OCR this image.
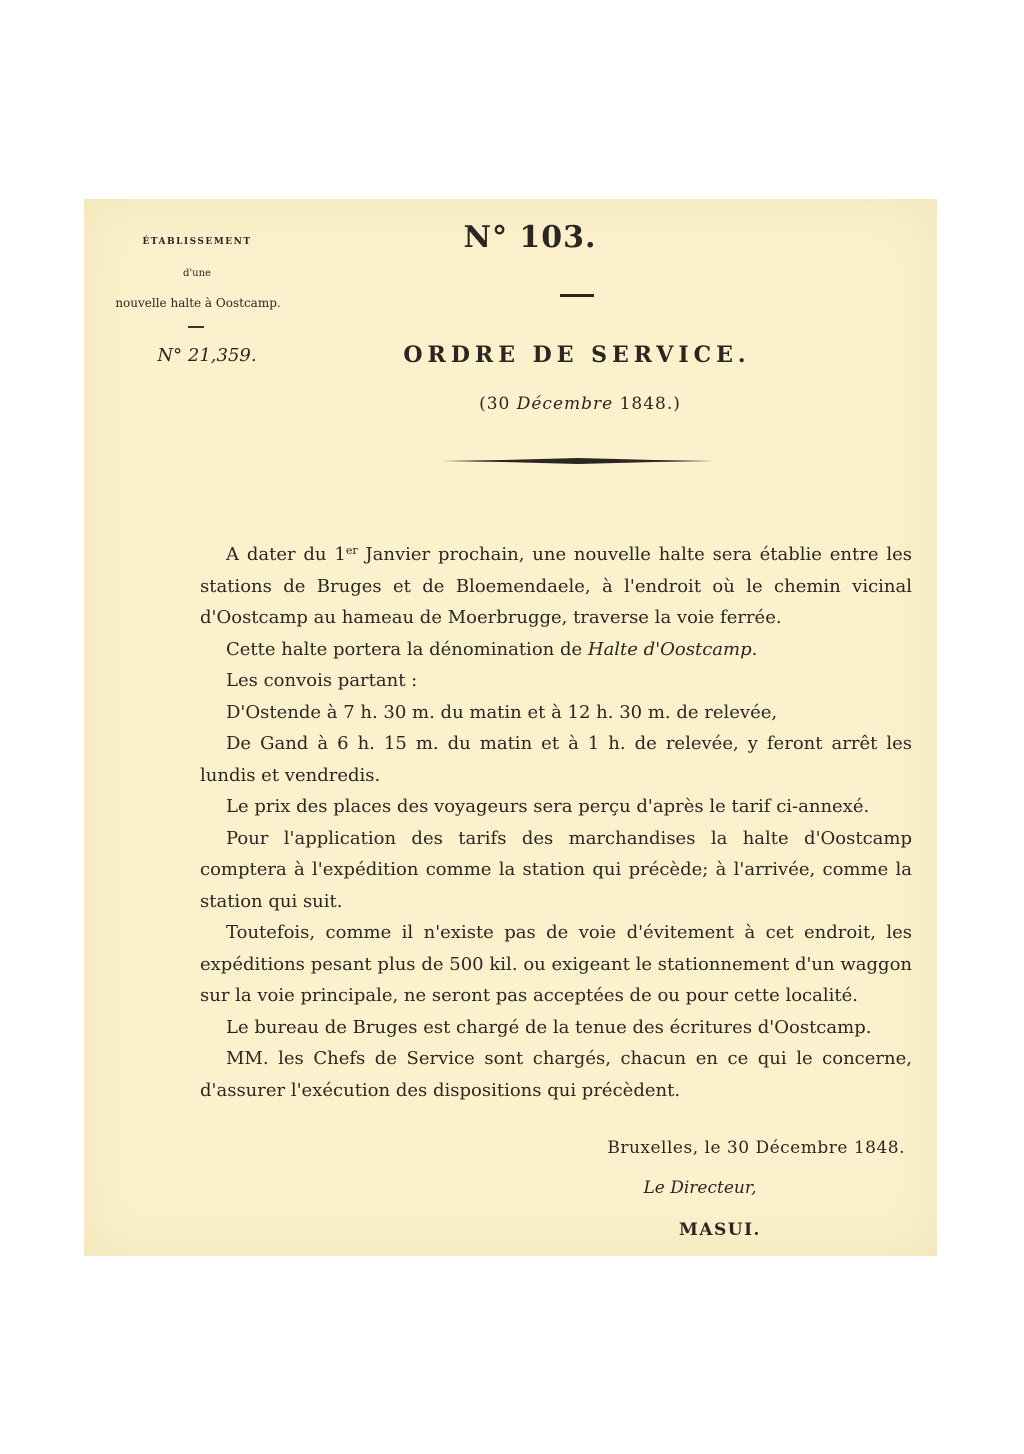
ÉTABLISSEMENT
d'une
nouvelle halte à Oostcamp.
N° 21,359.
N° 103.
ORDRE DE SERVICE.
(30 Décembre 1848.)

A dater du 1er Janvier prochain, une nouvelle halte sera établie entre les stations de Bruges et de Bloemendaele, à l'endroit où le chemin vicinal d'Oostcamp au hameau de Moerbrugge, traverse la voie ferrée.

Cette halte portera la dénomination de Halte d'Oostcamp.

Les convois partant :

D'Ostende à 7 h. 30 m. du matin et à 12 h. 30 m. de relevée,

De Gand à 6 h. 15 m. du matin et à 1 h. de relevée, y feront arrêt les lundis et vendredis.

Le prix des places des voyageurs sera perçu d'après le tarif ci-annexé.

Pour l'application des tarifs des marchandises la halte d'Oostcamp comptera à l'expédition comme la station qui précède; à l'arrivée, comme la station qui suit.

Toutefois, comme il n'existe pas de voie d'évitement à cet endroit, les expéditions pesant plus de 500 kil. ou exigeant le stationnement d'un waggon sur la voie principale, ne seront pas acceptées de ou pour cette localité.

Le bureau de Bruges est chargé de la tenue des écritures d'Oostcamp.

MM. les Chefs de Service sont chargés, chacun en ce qui le concerne, d'assurer l'exécution des dispositions qui précèdent.

Bruxelles, le 30 Décembre 1848.
Le Directeur,
MASUI.
